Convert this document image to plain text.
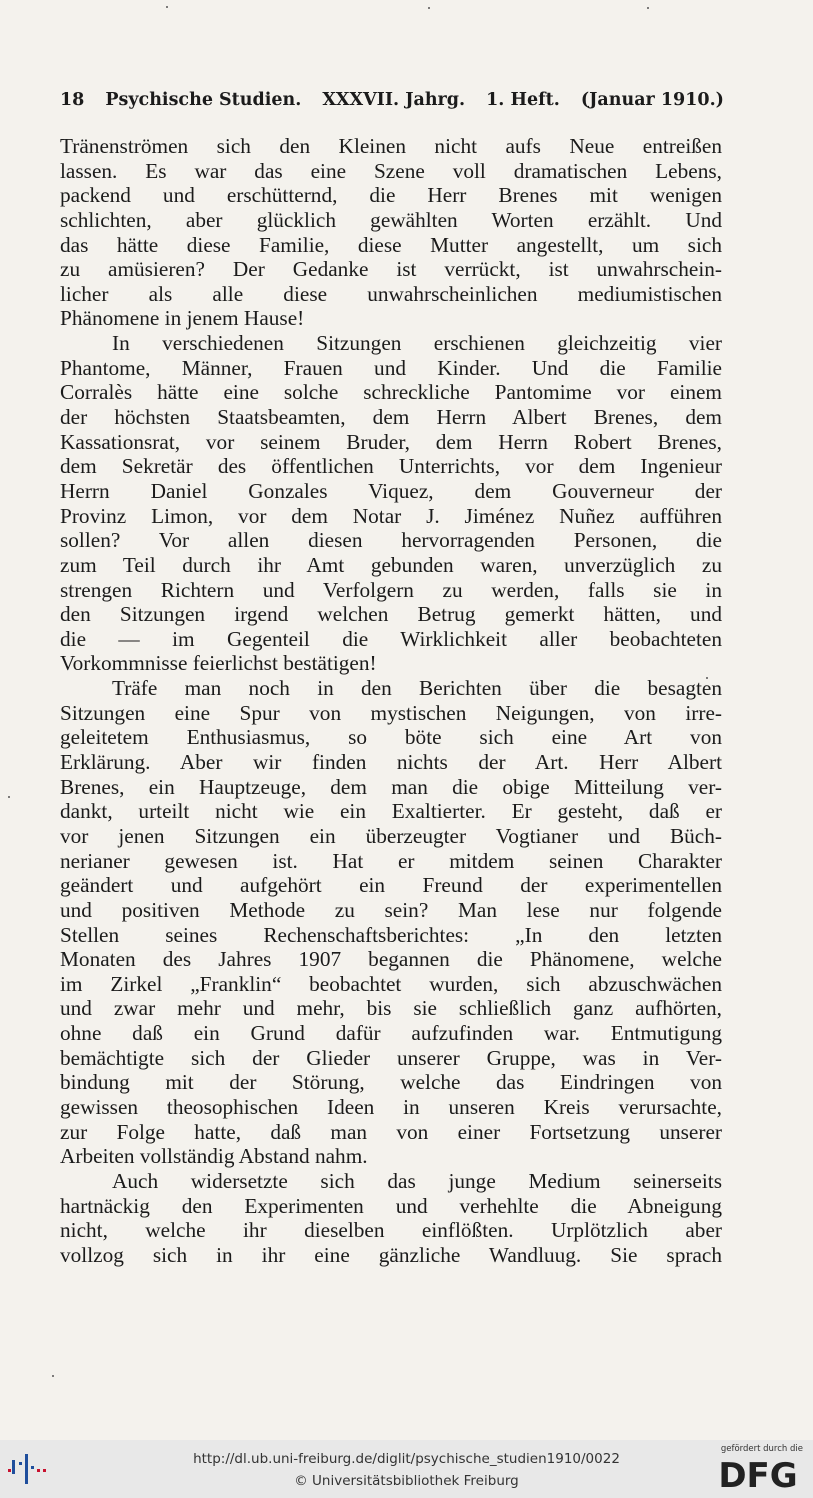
18 Psychische Studien. XXXVII. Jahrg. 1. Heft. (Januar 1910.)
Tränenströmen sich den Kleinen nicht aufs Neue entreißen
lassen. Es war das eine Szene voll dramatischen Lebens,
packend und erschütternd, die Herr Brenes mit wenigen
schlichten, aber glücklich gewählten Worten erzählt. Und
das hätte diese Familie, diese Mutter angestellt, um sich
zu amüsieren? Der Gedanke ist verrückt, ist unwahrschein-
licher als alle diese unwahrscheinlichen mediumistischen
Phänomene in jenem Hause!
In verschiedenen Sitzungen erschienen gleichzeitig vier
Phantome, Männer, Frauen und Kinder. Und die Familie
Corralès hätte eine solche schreckliche Pantomime vor einem
der höchsten Staatsbeamten, dem Herrn Albert Brenes, dem
Kassationsrat, vor seinem Bruder, dem Herrn Robert Brenes,
dem Sekretär des öffentlichen Unterrichts, vor dem Ingenieur
Herrn Daniel Gonzales Viquez, dem Gouverneur der
Provinz Limon, vor dem Notar J. Jiménez Nuñez aufführen
sollen? Vor allen diesen hervorragenden Personen, die
zum Teil durch ihr Amt gebunden waren, unverzüglich zu
strengen Richtern und Verfolgern zu werden, falls sie in
den Sitzungen irgend welchen Betrug gemerkt hätten, und
die — im Gegenteil die Wirklichkeit aller beobachteten
Vorkommnisse feierlichst bestätigen!
Träfe man noch in den Berichten über die besagten
Sitzungen eine Spur von mystischen Neigungen, von irre-
geleitetem Enthusiasmus, so böte sich eine Art von
Erklärung. Aber wir finden nichts der Art. Herr Albert
Brenes, ein Hauptzeuge, dem man die obige Mitteilung ver-
dankt, urteilt nicht wie ein Exaltierter. Er gesteht, daß er
vor jenen Sitzungen ein überzeugter Vogtianer und Büch-
nerianer gewesen ist. Hat er mitdem seinen Charakter
geändert und aufgehört ein Freund der experimentellen
und positiven Methode zu sein? Man lese nur folgende
Stellen seines Rechenschaftsberichtes: „In den letzten
Monaten des Jahres 1907 begannen die Phänomene, welche
im Zirkel „Franklin“ beobachtet wurden, sich abzuschwächen
und zwar mehr und mehr, bis sie schließlich ganz aufhörten,
ohne daß ein Grund dafür aufzufinden war. Entmutigung
bemächtigte sich der Glieder unserer Gruppe, was in Ver-
bindung mit der Störung, welche das Eindringen von
gewissen theosophischen Ideen in unseren Kreis verursachte,
zur Folge hatte, daß man von einer Fortsetzung unserer
Arbeiten vollständig Abstand nahm.
Auch widersetzte sich das junge Medium seinerseits
hartnäckig den Experimenten und verhehlte die Abneigung
nicht, welche ihr dieselben einflößten. Urplötzlich aber
vollzog sich in ihr eine gänzliche Wandluug. Sie sprach
http://dl.ub.uni-freiburg.de/diglit/psychische_studien1910/0022
© Universitätsbibliothek Freiburg
gefördert durch die
DFG
